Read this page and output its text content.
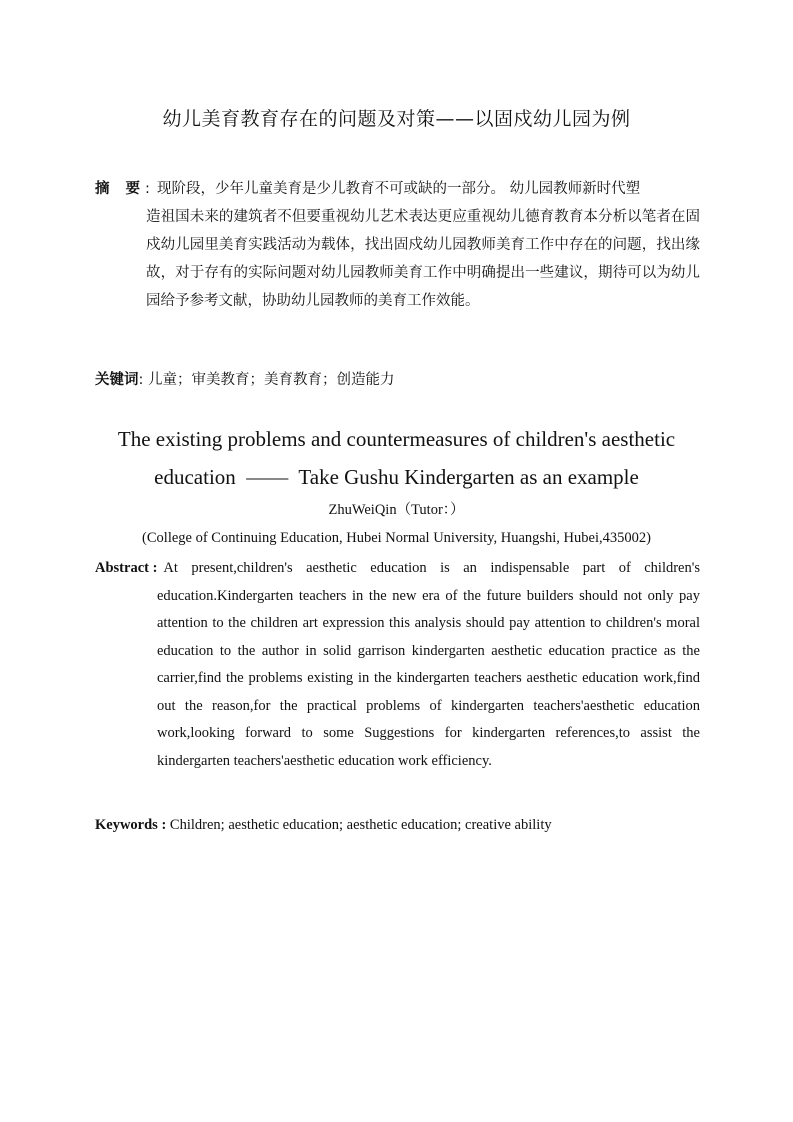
幼儿美育教育存在的问题及对策——以固戍幼儿园为例
摘 要 : 现阶段，少年儿童美育是少儿教育不可或缺的一部分。 幼儿园教师新时代塑
造祖国未来的建筑者不但要重视幼儿艺术表达更应重视幼儿德育教育本分析以笔者在固戍幼儿园里美育实践活动为载体，找出固戍幼儿园教师美育工作中存在的问题，找出缘故，对于存有的实际问题对幼儿园教师美育工作中明确提出一些建议，期待可以为幼儿园给予参考文献，协助幼儿园教师的美育工作效能。
关键词: 儿童；审美教育；美育教育；创造能力
The existing problems and countermeasures of children's aesthetic
education  ——  Take Gushu Kindergarten as an example
ZhuWeiQin（Tutor：）
(College of Continuing Education, Hubei Normal University, Huangshi, Hubei,435002)
Abstract : At present,children's aesthetic education is an indispensable part of children's
education.Kindergarten teachers in the new era of the future builders should not only pay attention to the children art expression this analysis should pay attention to children's moral education to the author in solid garrison kindergarten aesthetic education practice as the carrier,find the problems existing in the kindergarten teachers aesthetic education work,find out the reason,for the practical problems of kindergarten teachers'aesthetic education work,looking forward to some Suggestions for kindergarten references,to assist the kindergarten teachers'aesthetic education work efficiency.
Keywords : Children; aesthetic education; aesthetic education; creative ability
